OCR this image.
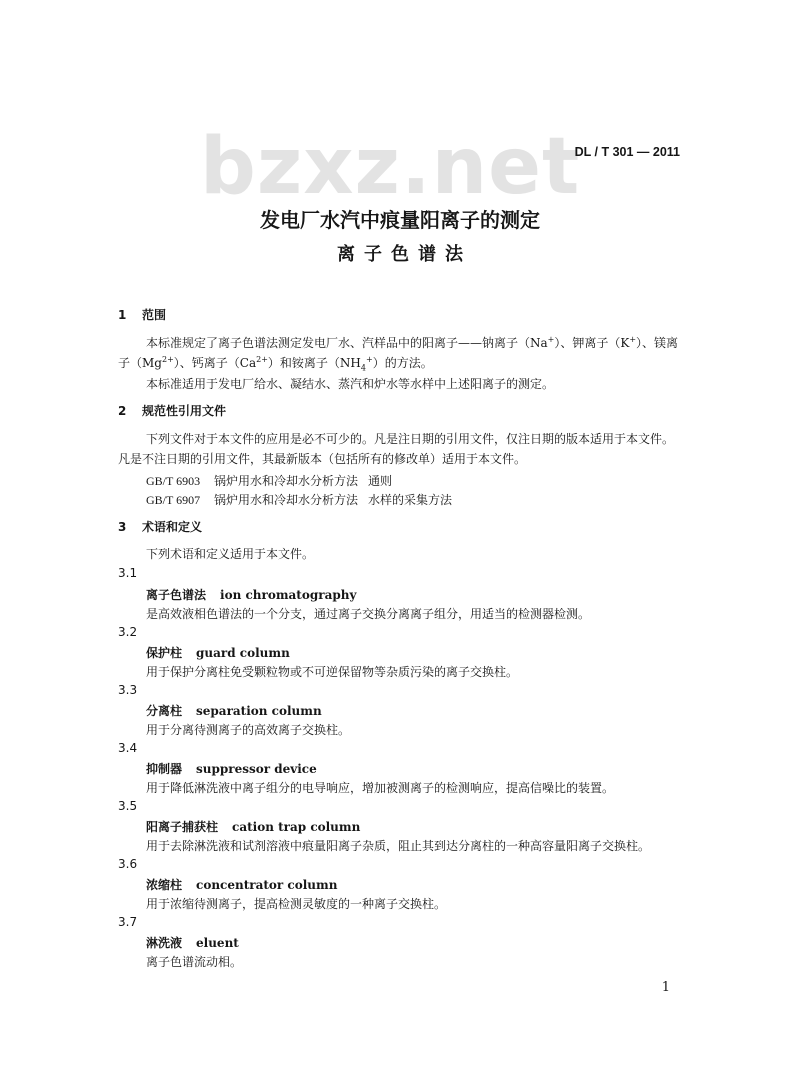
bzxz.net
DL / T 301 — 2011
发电厂水汽中痕量阳离子的测定
离子色谱法
1 范围
本标准规定了离子色谱法测定发电厂水、汽样品中的阳离子——钠离子（Na+）、钾离子（K+）、镁离子$(Mg^{2+})$、钙离子$(Ca^{2+})$和铵离子$(NH_4^+)$的方法。
本标准适用于发电厂给水、凝结水、蒸汽和炉水等水样中上述阳离子的测定。
2 规范性引用文件
下列文件对于本文件的应用是必不可少的。凡是注日期的引用文件，仅注日期的版本适用于本文件。凡是不注日期的引用文件，其最新版本（包括所有的修改单）适用于本文件。
GB/T 6903 锅炉用水和冷却水分析方法 通则
GB/T 6907 锅炉用水和冷却水分析方法 水样的采集方法
3 术语和定义
下列术语和定义适用于本文件。
3.1
离子色谱法 ion chromatography
是高效液相色谱法的一个分支，通过离子交换分离离子组分，用适当的检测器检测。
3.2
保护柱 guard column
用于保护分离柱免受颗粒物或不可逆保留物等杂质污染的离子交换柱。
3.3
分离柱 separation column
用于分离待测离子的高效离子交换柱。
3.4
抑制器 suppressor device
用于降低淋洗液中离子组分的电导响应，增加被测离子的检测响应，提高信噪比的装置。
3.5
阳离子捕获柱 cation trap column
用于去除淋洗液和试剂溶液中痕量阳离子杂质，阻止其到达分离柱的一种高容量阳离子交换柱。
3.6
浓缩柱 concentrator column
用于浓缩待测离子，提高检测灵敏度的一种离子交换柱。
3.7
淋洗液 eluent
离子色谱流动相。
1
